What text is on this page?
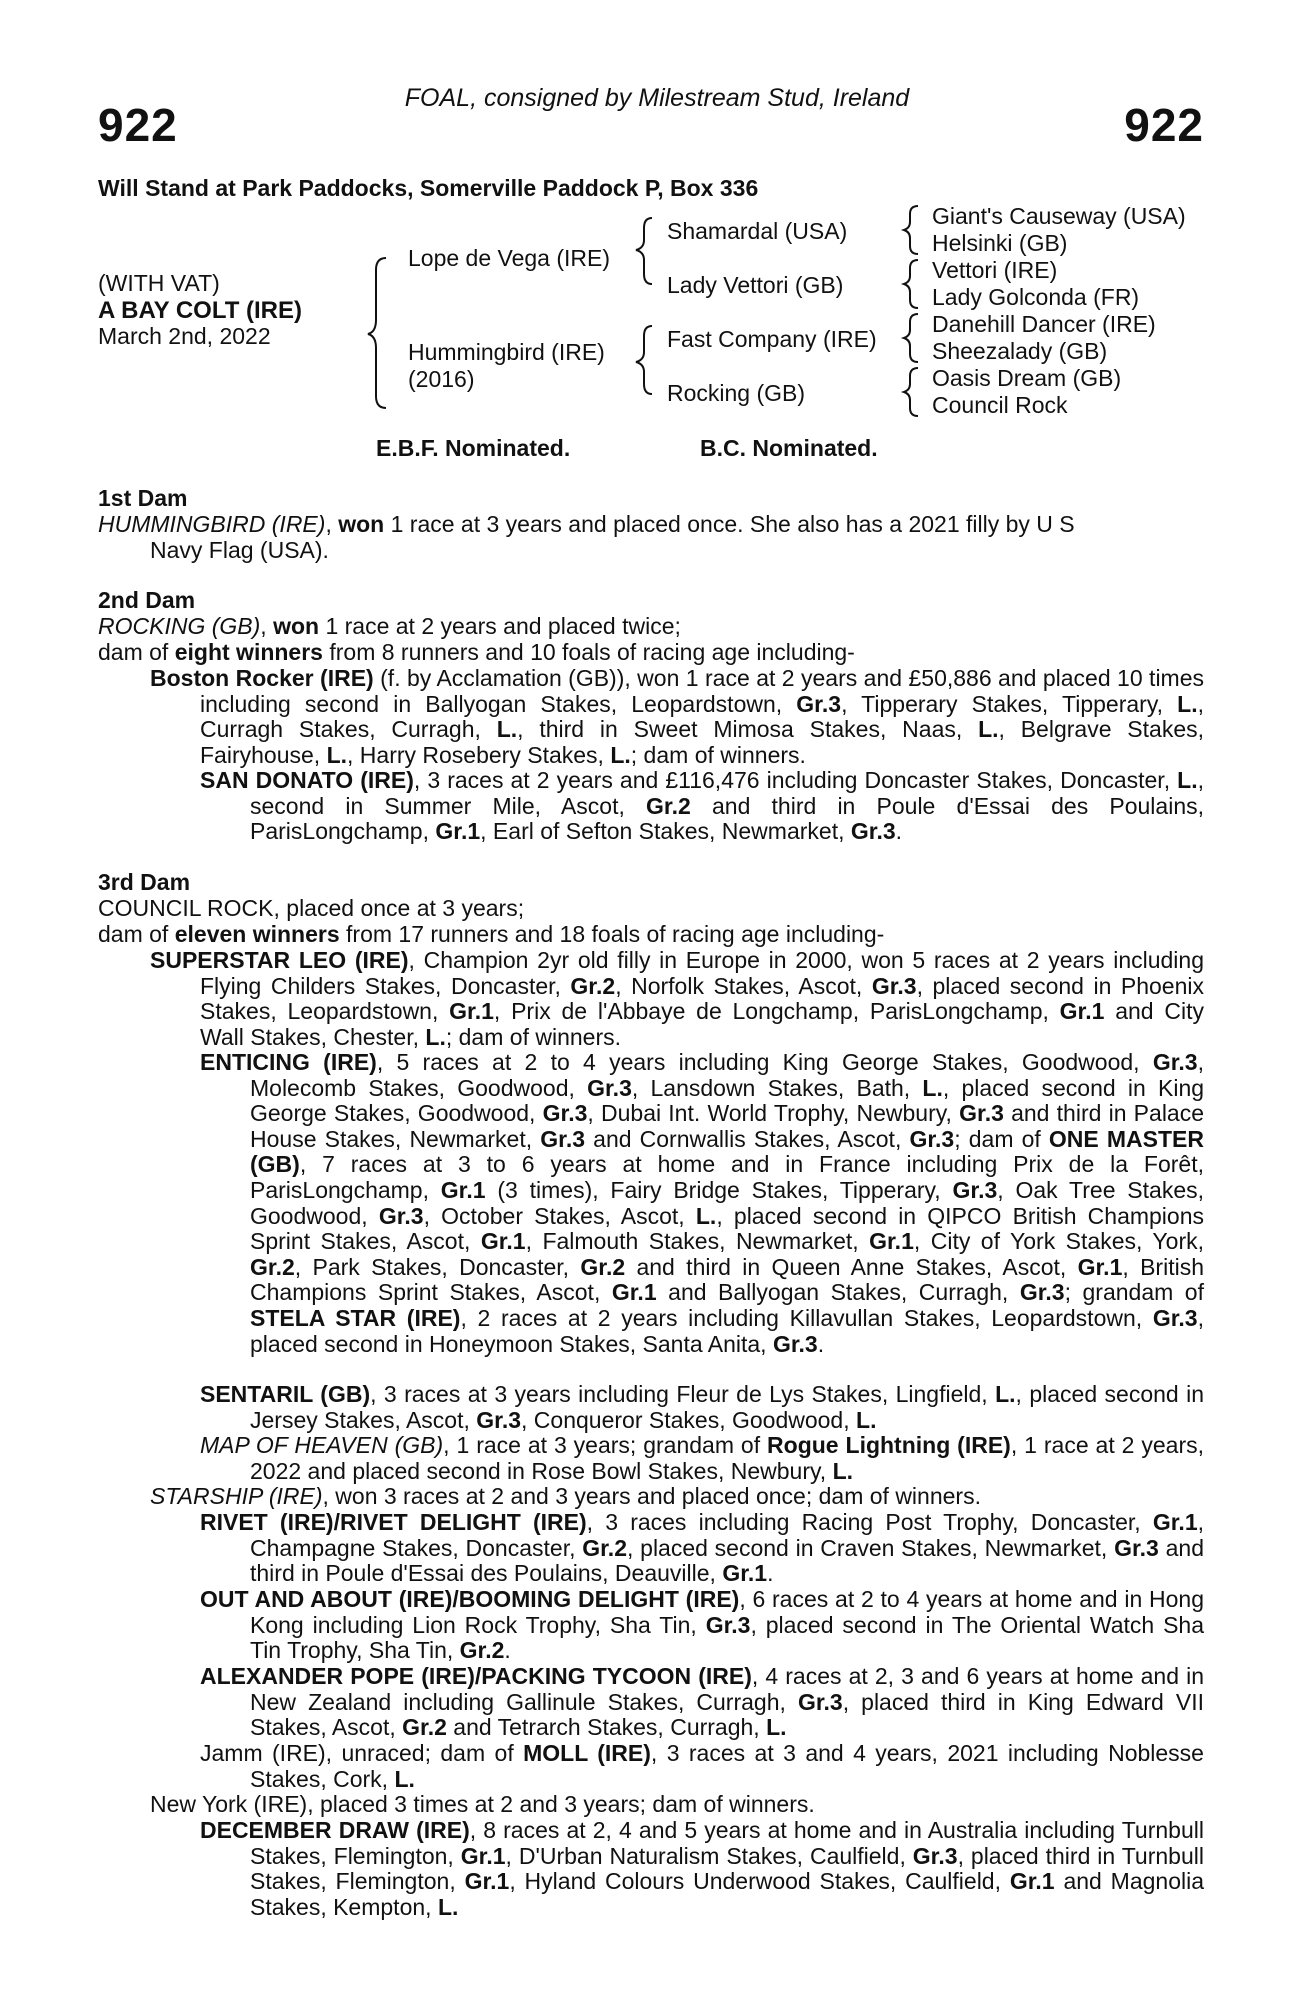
FOAL, consigned by Milestream Stud, Ireland
922	922
Will Stand at Park Paddocks, Somerville Paddock P, Box 336
(WITH VAT)
A BAY COLT (IRE)
March 2nd, 2022
Lope de Vega (IRE)
Hummingbird (IRE)
(2016)
Shamardal (USA)
Lady Vettori (GB)
Fast Company (IRE)
Rocking (GB)
Giant's Causeway (USA)
Helsinki (GB)
Vettori (IRE)
Lady Golconda (FR)
Danehill Dancer (IRE)
Sheezalady (GB)
Oasis Dream (GB)
Council Rock
E.B.F. Nominated.	B.C. Nominated.
1st Dam
HUMMINGBIRD (IRE), won 1 race at 3 years and placed once. She also has a 2021 filly by U S
Navy Flag (USA).
2nd Dam
ROCKING (GB), won 1 race at 2 years and placed twice;
dam of eight winners from 8 runners and 10 foals of racing age including-
Boston Rocker (IRE) (f. by Acclamation (GB)), won 1 race at 2 years and £50,886 and placed 10 times including second in Ballyogan Stakes, Leopardstown, Gr.3, Tipperary Stakes, Tipperary, L., Curragh Stakes, Curragh, L., third in Sweet Mimosa Stakes, Naas, L., Belgrave Stakes, Fairyhouse, L., Harry Rosebery Stakes, L.; dam of winners.
SAN DONATO (IRE), 3 races at 2 years and £116,476 including Doncaster Stakes, Doncaster, L., second in Summer Mile, Ascot, Gr.2 and third in Poule d'Essai des Poulains, ParisLongchamp, Gr.1, Earl of Sefton Stakes, Newmarket, Gr.3.
3rd Dam
COUNCIL ROCK, placed once at 3 years;
dam of eleven winners from 17 runners and 18 foals of racing age including-
SUPERSTAR LEO (IRE), Champion 2yr old filly in Europe in 2000, won 5 races at 2 years including Flying Childers Stakes, Doncaster, Gr.2, Norfolk Stakes, Ascot, Gr.3, placed second in Phoenix Stakes, Leopardstown, Gr.1, Prix de l'Abbaye de Longchamp, ParisLongchamp, Gr.1 and City Wall Stakes, Chester, L.; dam of winners.
ENTICING (IRE), 5 races at 2 to 4 years including King George Stakes, Goodwood, Gr.3, Molecomb Stakes, Goodwood, Gr.3, Lansdown Stakes, Bath, L., placed second in King George Stakes, Goodwood, Gr.3, Dubai Int. World Trophy, Newbury, Gr.3 and third in Palace House Stakes, Newmarket, Gr.3 and Cornwallis Stakes, Ascot, Gr.3; dam of ONE MASTER (GB), 7 races at 3 to 6 years at home and in France including Prix de la Forêt, ParisLongchamp, Gr.1 (3 times), Fairy Bridge Stakes, Tipperary, Gr.3, Oak Tree Stakes, Goodwood, Gr.3, October Stakes, Ascot, L., placed second in QIPCO British Champions Sprint Stakes, Ascot, Gr.1, Falmouth Stakes, Newmarket, Gr.1, City of York Stakes, York, Gr.2, Park Stakes, Doncaster, Gr.2 and third in Queen Anne Stakes, Ascot, Gr.1, British Champions Sprint Stakes, Ascot, Gr.1 and Ballyogan Stakes, Curragh, Gr.3; grandam of STELA STAR (IRE), 2 races at 2 years including Killavullan Stakes, Leopardstown, Gr.3, placed second in Honeymoon Stakes, Santa Anita, Gr.3.
SENTARIL (GB), 3 races at 3 years including Fleur de Lys Stakes, Lingfield, L., placed second in Jersey Stakes, Ascot, Gr.3, Conqueror Stakes, Goodwood, L.
MAP OF HEAVEN (GB), 1 race at 3 years; grandam of Rogue Lightning (IRE), 1 race at 2 years, 2022 and placed second in Rose Bowl Stakes, Newbury, L.
STARSHIP (IRE), won 3 races at 2 and 3 years and placed once; dam of winners.
RIVET (IRE)/RIVET DELIGHT (IRE), 3 races including Racing Post Trophy, Doncaster, Gr.1, Champagne Stakes, Doncaster, Gr.2, placed second in Craven Stakes, Newmarket, Gr.3 and third in Poule d'Essai des Poulains, Deauville, Gr.1.
OUT AND ABOUT (IRE)/BOOMING DELIGHT (IRE), 6 races at 2 to 4 years at home and in Hong Kong including Lion Rock Trophy, Sha Tin, Gr.3, placed second in The Oriental Watch Sha Tin Trophy, Sha Tin, Gr.2.
ALEXANDER POPE (IRE)/PACKING TYCOON (IRE), 4 races at 2, 3 and 6 years at home and in New Zealand including Gallinule Stakes, Curragh, Gr.3, placed third in King Edward VII Stakes, Ascot, Gr.2 and Tetrarch Stakes, Curragh, L.
Jamm (IRE), unraced; dam of MOLL (IRE), 3 races at 3 and 4 years, 2021 including Noblesse Stakes, Cork, L.
New York (IRE), placed 3 times at 2 and 3 years; dam of winners.
DECEMBER DRAW (IRE), 8 races at 2, 4 and 5 years at home and in Australia including Turnbull Stakes, Flemington, Gr.1, D'Urban Naturalism Stakes, Caulfield, Gr.3, placed third in Turnbull Stakes, Flemington, Gr.1, Hyland Colours Underwood Stakes, Caulfield, Gr.1 and Magnolia Stakes, Kempton, L.
